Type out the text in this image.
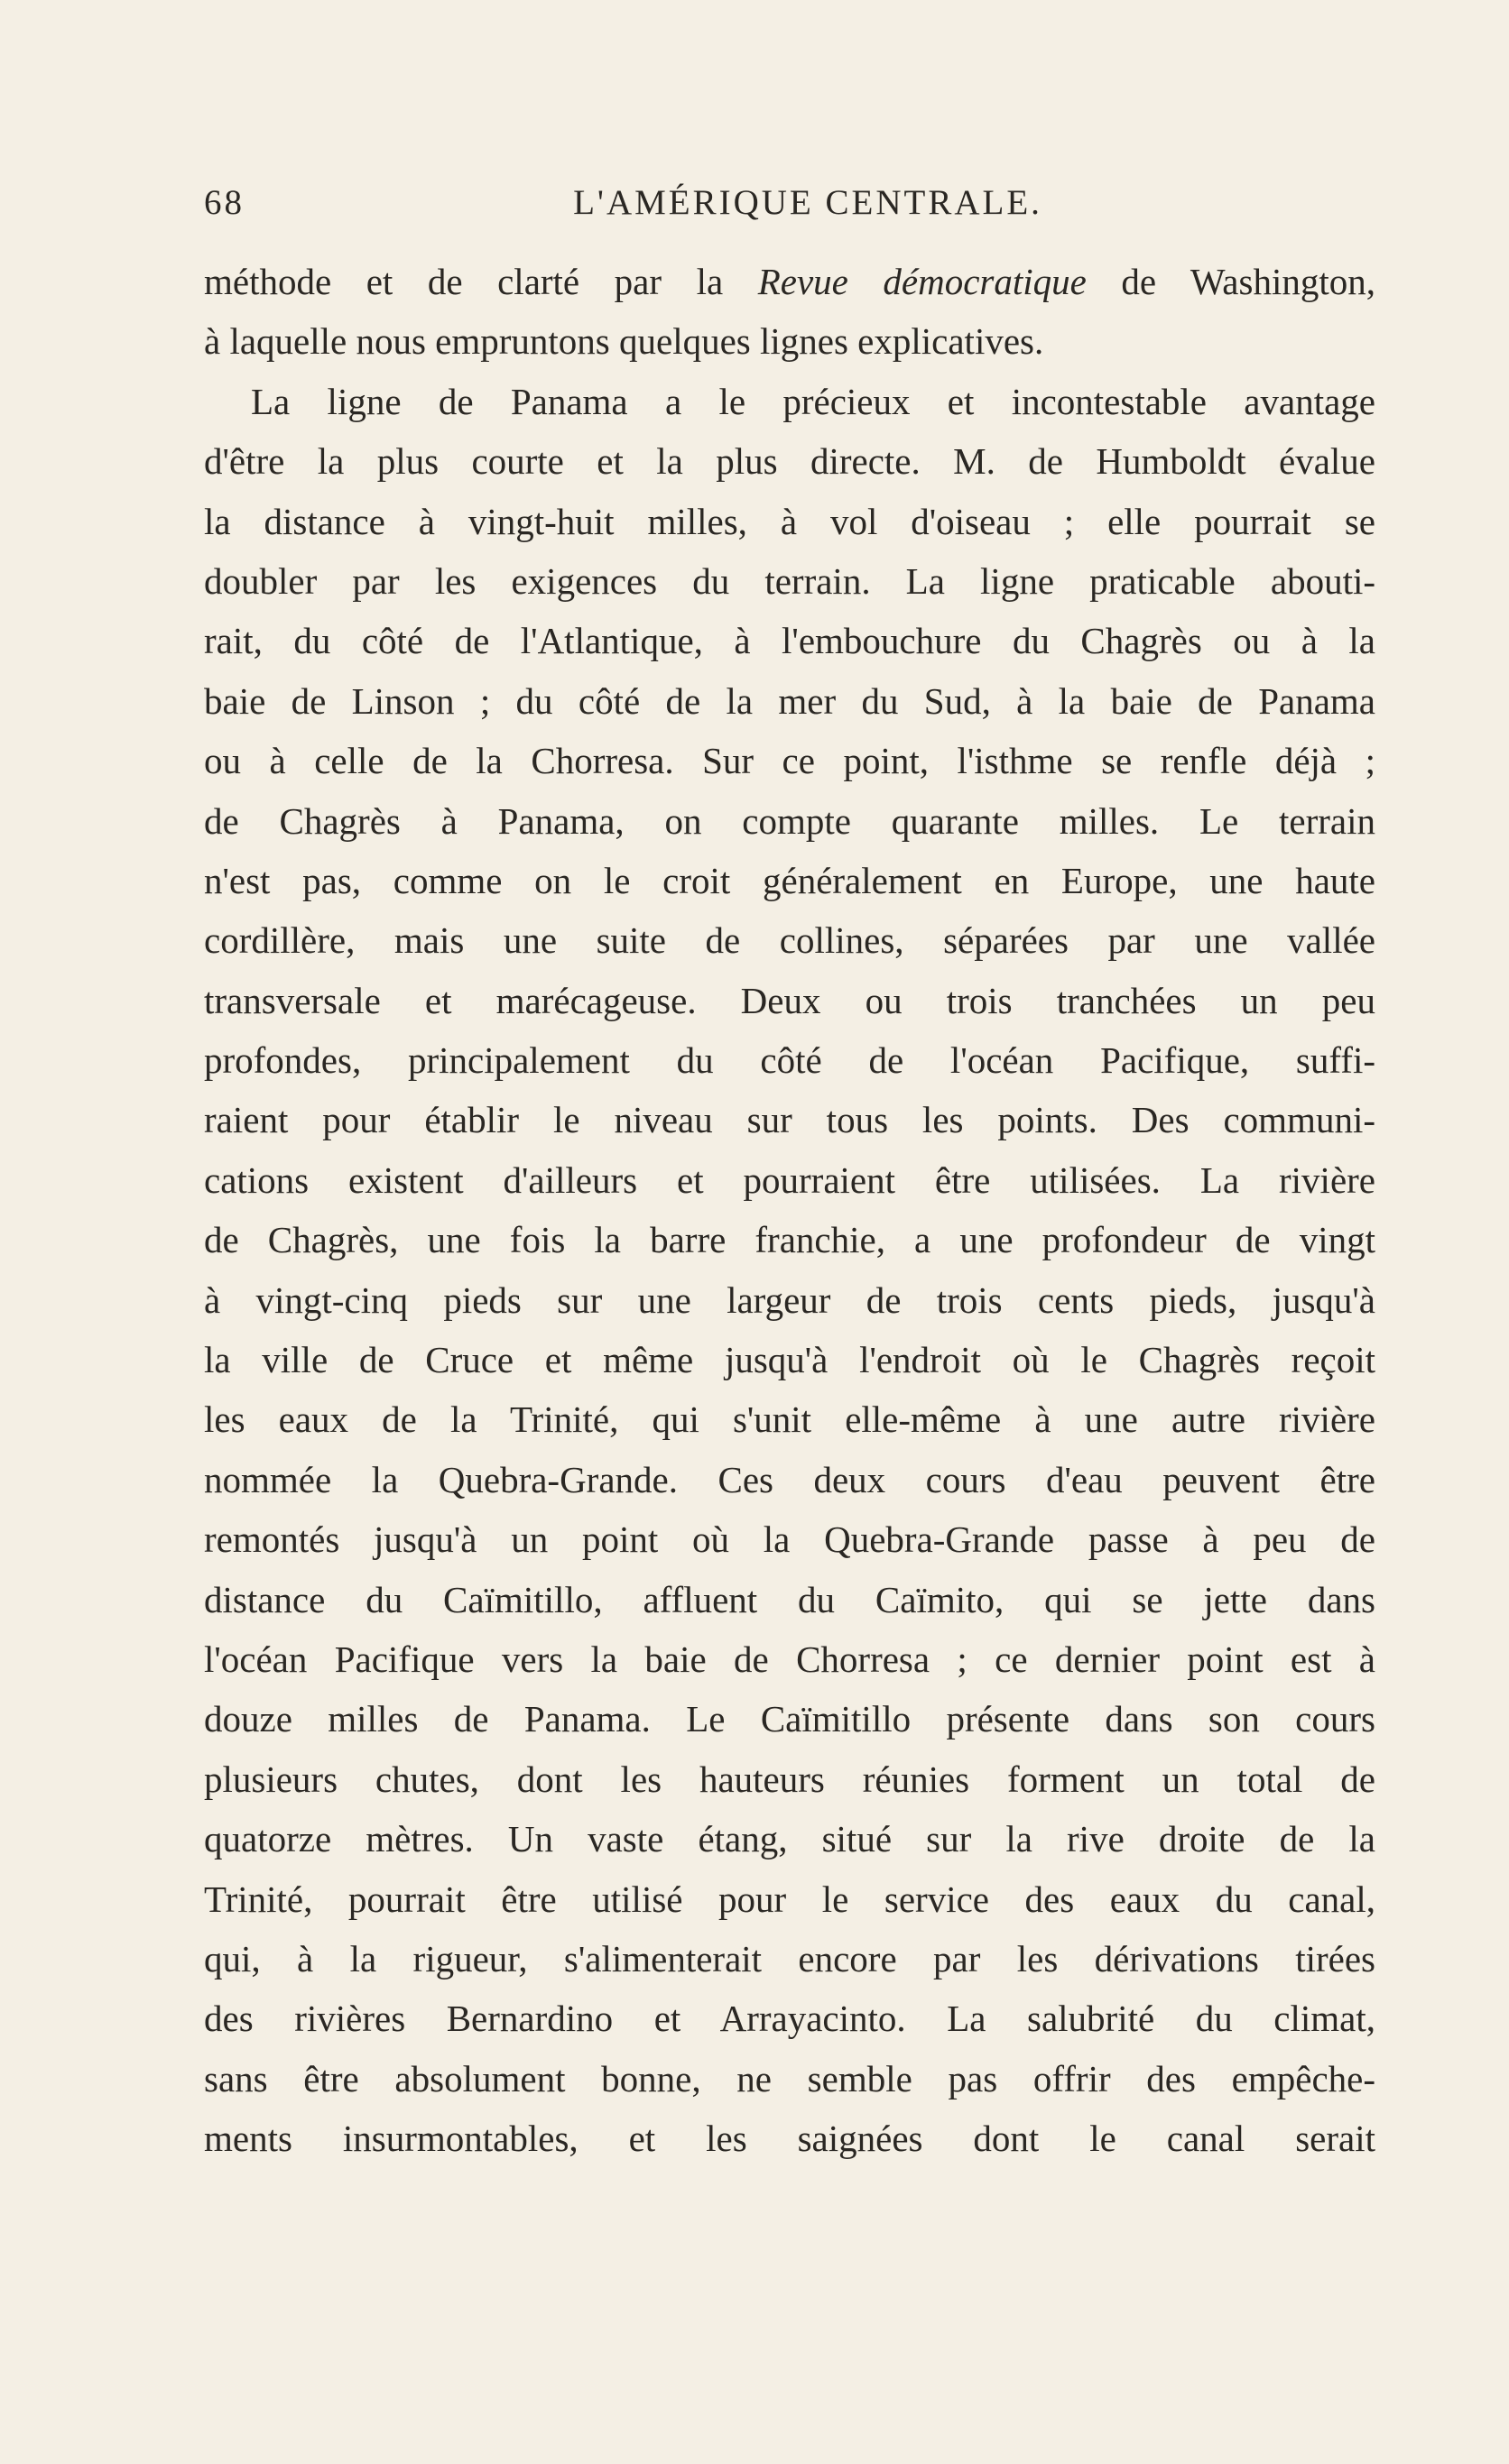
68	L'AMÉRIQUE CENTRALE.
méthode et de clarté par la Revue démocratique de Washington,
à laquelle nous empruntons quelques lignes explicatives.
La ligne de Panama a le précieux et incontestable avantage
d'être la plus courte et la plus directe. M. de Humboldt évalue
la distance à vingt-huit milles, à vol d'oiseau ; elle pourrait se
doubler par les exigences du terrain. La ligne praticable abouti-
rait, du côté de l'Atlantique, à l'embouchure du Chagrès ou à la
baie de Linson ; du côté de la mer du Sud, à la baie de Panama
ou à celle de la Chorresa. Sur ce point, l'isthme se renfle déjà ;
de Chagrès à Panama, on compte quarante milles. Le terrain
n'est pas, comme on le croit généralement en Europe, une haute
cordillère, mais une suite de collines, séparées par une vallée
transversale et marécageuse. Deux ou trois tranchées un peu
profondes, principalement du côté de l'océan Pacifique, suffi-
raient pour établir le niveau sur tous les points. Des communi-
cations existent d'ailleurs et pourraient être utilisées. La rivière
de Chagrès, une fois la barre franchie, a une profondeur de vingt
à vingt-cinq pieds sur une largeur de trois cents pieds, jusqu'à
la ville de Cruce et même jusqu'à l'endroit où le Chagrès reçoit
les eaux de la Trinité, qui s'unit elle-même à une autre rivière
nommée la Quebra-Grande. Ces deux cours d'eau peuvent être
remontés jusqu'à un point où la Quebra-Grande passe à peu de
distance du Caïmitillo, affluent du Caïmito, qui se jette dans
l'océan Pacifique vers la baie de Chorresa ; ce dernier point est à
douze milles de Panama. Le Caïmitillo présente dans son cours
plusieurs chutes, dont les hauteurs réunies forment un total de
quatorze mètres. Un vaste étang, situé sur la rive droite de la
Trinité, pourrait être utilisé pour le service des eaux du canal,
qui, à la rigueur, s'alimenterait encore par les dérivations tirées
des rivières Bernardino et Arrayacinto. La salubrité du climat,
sans être absolument bonne, ne semble pas offrir des empêche-
ments insurmontables, et les saignées dont le canal serait
